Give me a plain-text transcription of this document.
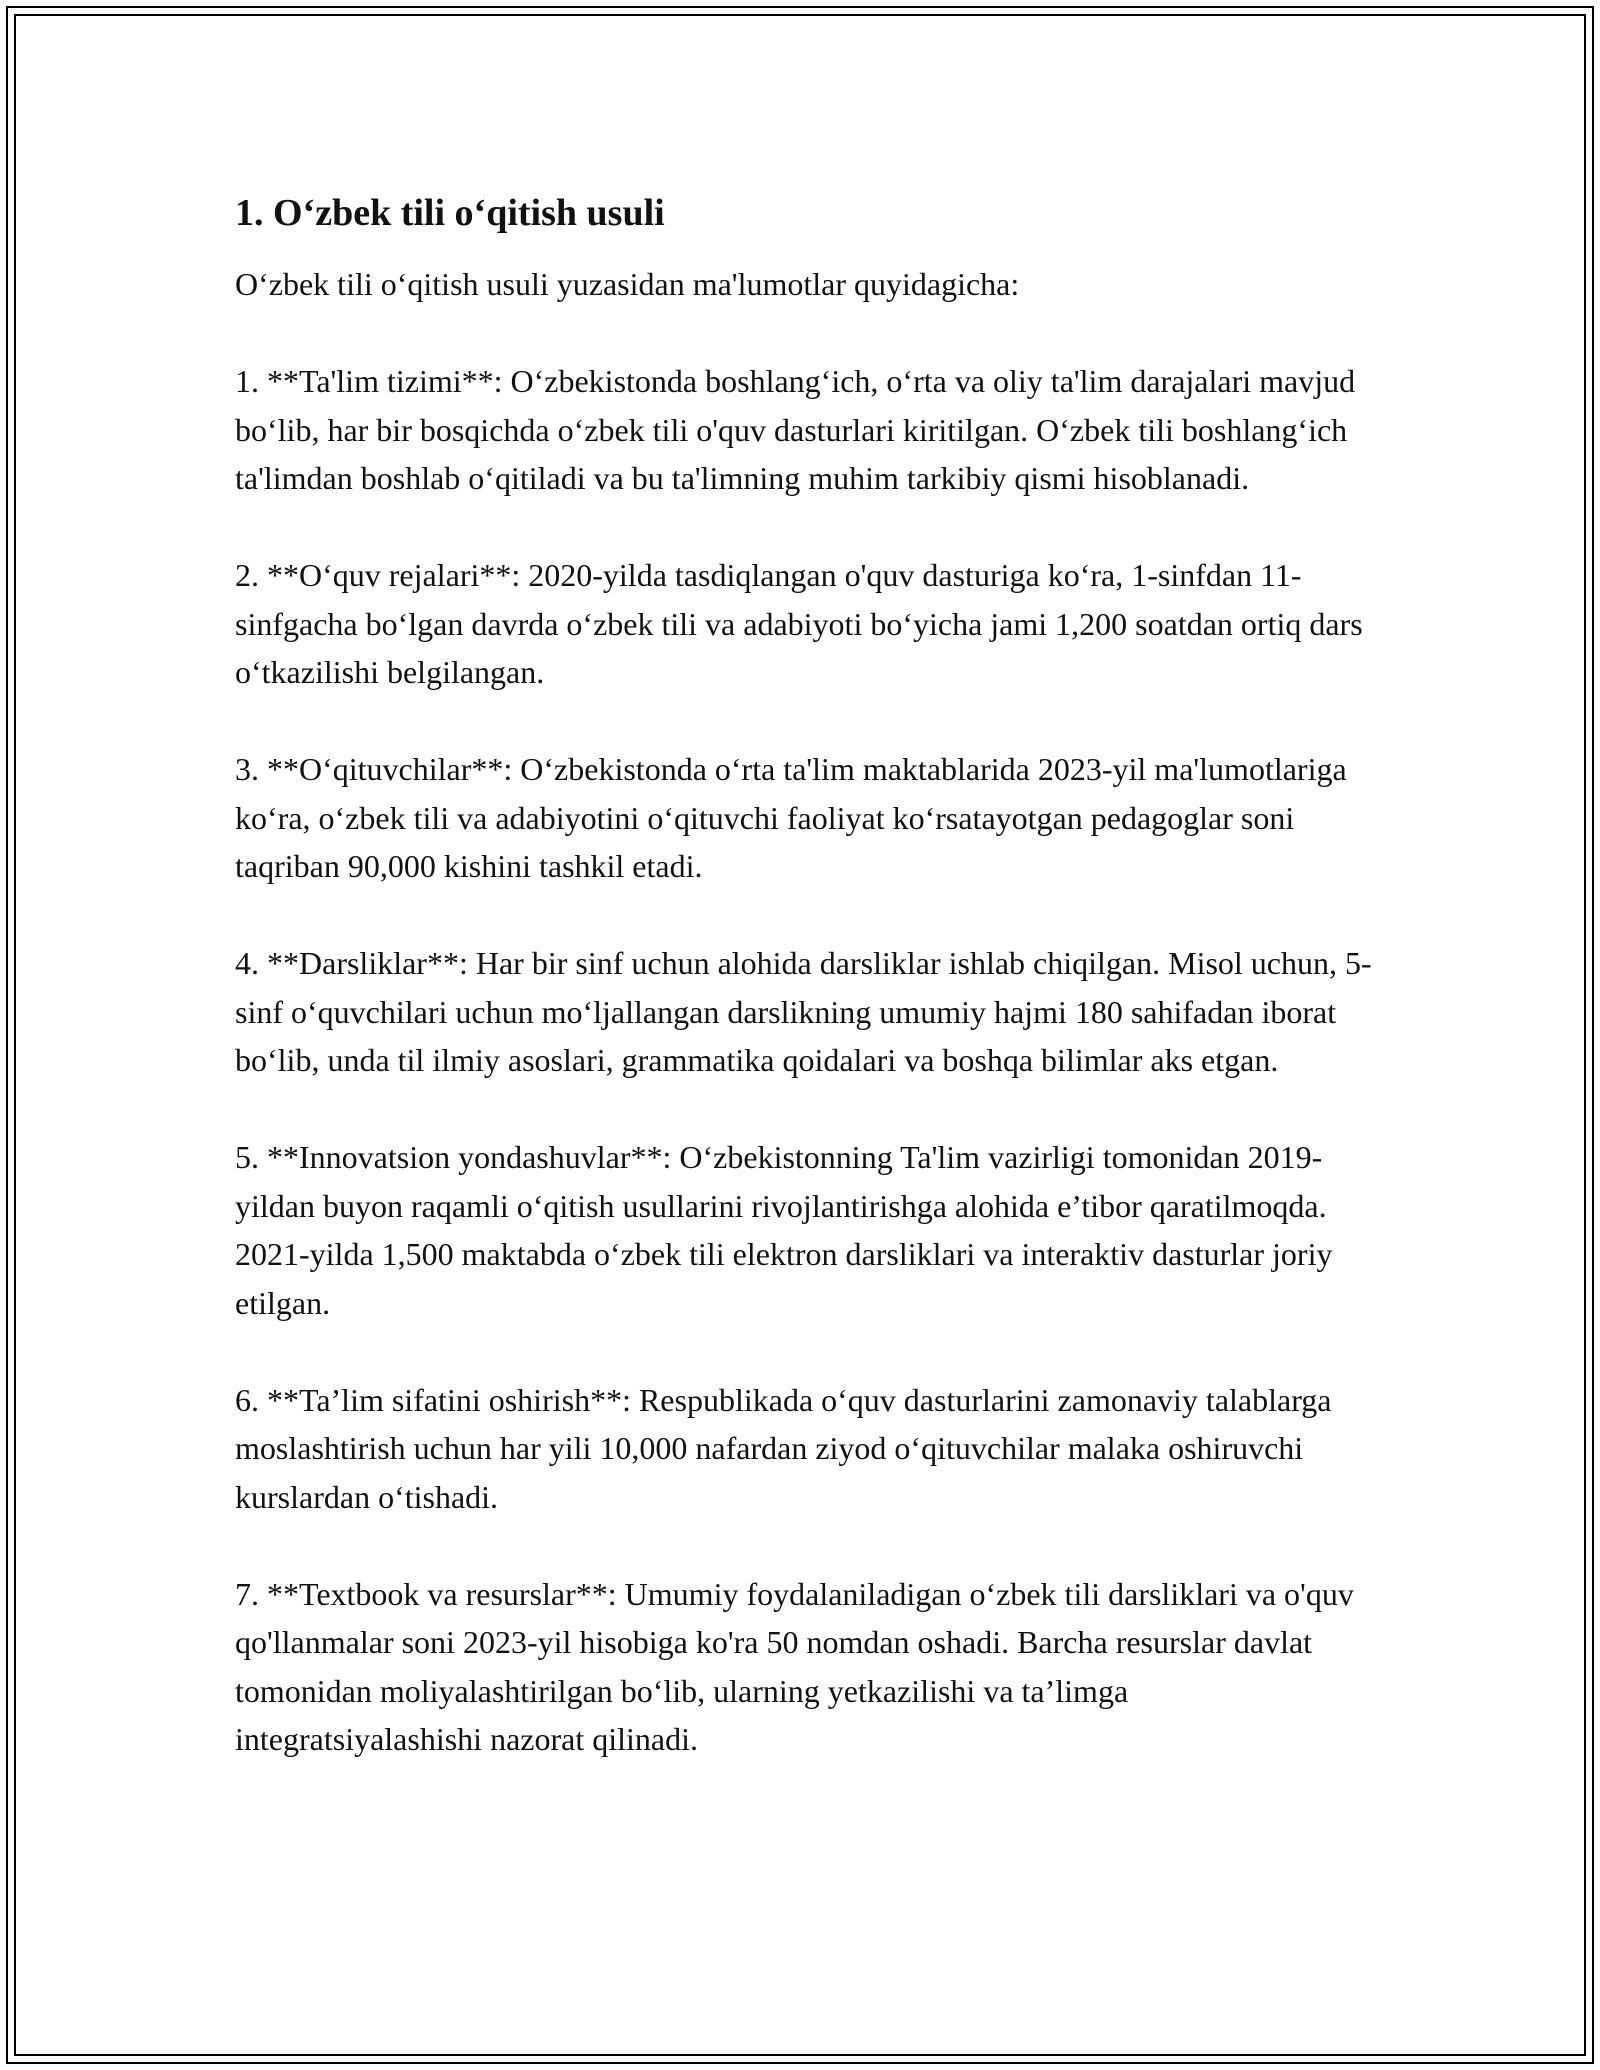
1. O‘zbek tili o‘qitish usuli
O‘zbek tili o‘qitish usuli yuzasidan ma'lumotlar quyidagicha:
1. **Ta'lim tizimi**: O‘zbekistonda boshlang‘ich, o‘rta va oliy ta'lim darajalari mavjud bo‘lib, har bir bosqichda o‘zbek tili o'quv dasturlari kiritilgan. O‘zbek tili boshlang‘ich ta'limdan boshlab o‘qitiladi va bu ta'limning muhim tarkibiy qismi hisoblanadi.
2. **O‘quv rejalari**: 2020-yilda tasdiqlangan o'quv dasturiga ko‘ra, 1-sinfdan 11-sinfgacha bo‘lgan davrda o‘zbek tili va adabiyoti bo‘yicha jami 1,200 soatdan ortiq dars o‘tkazilishi belgilangan.
3. **O‘qituvchilar**: O‘zbekistonda o‘rta ta'lim maktablarida 2023-yil ma'lumotlariga ko‘ra, o‘zbek tili va adabiyotini o‘qituvchi faoliyat ko‘rsatayotgan pedagoglar soni taqriban 90,000 kishini tashkil etadi.
4. **Darsliklar**: Har bir sinf uchun alohida darsliklar ishlab chiqilgan. Misol uchun, 5-sinf o‘quvchilari uchun mo‘ljallangan darslikning umumiy hajmi 180 sahifadan iborat bo‘lib, unda til ilmiy asoslari, grammatika qoidalari va boshqa bilimlar aks etgan.
5. **Innovatsion yondashuvlar**: O‘zbekistonning Ta'lim vazirligi tomonidan 2019-yildan buyon raqamli o‘qitish usullarini rivojlantirishga alohida e’tibor qaratilmoqda. 2021-yilda 1,500 maktabda o‘zbek tili elektron darsliklari va interaktiv dasturlar joriy etilgan.
6. **Ta’lim sifatini oshirish**: Respublikada o‘quv dasturlarini zamonaviy talablarga moslashtirish uchun har yili 10,000 nafardan ziyod o‘qituvchilar malaka oshiruvchi kurslardan o‘tishadi.
7. **Textbook va resurslar**: Umumiy foydalaniladigan o‘zbek tili darsliklari va o'quv qo'llanmalar soni 2023-yil hisobiga ko'ra 50 nomdan oshadi. Barcha resurslar davlat tomonidan moliyalashtirilgan bo‘lib, ularning yetkazilishi va ta’limga integratsiyalashishi nazorat qilinadi.
